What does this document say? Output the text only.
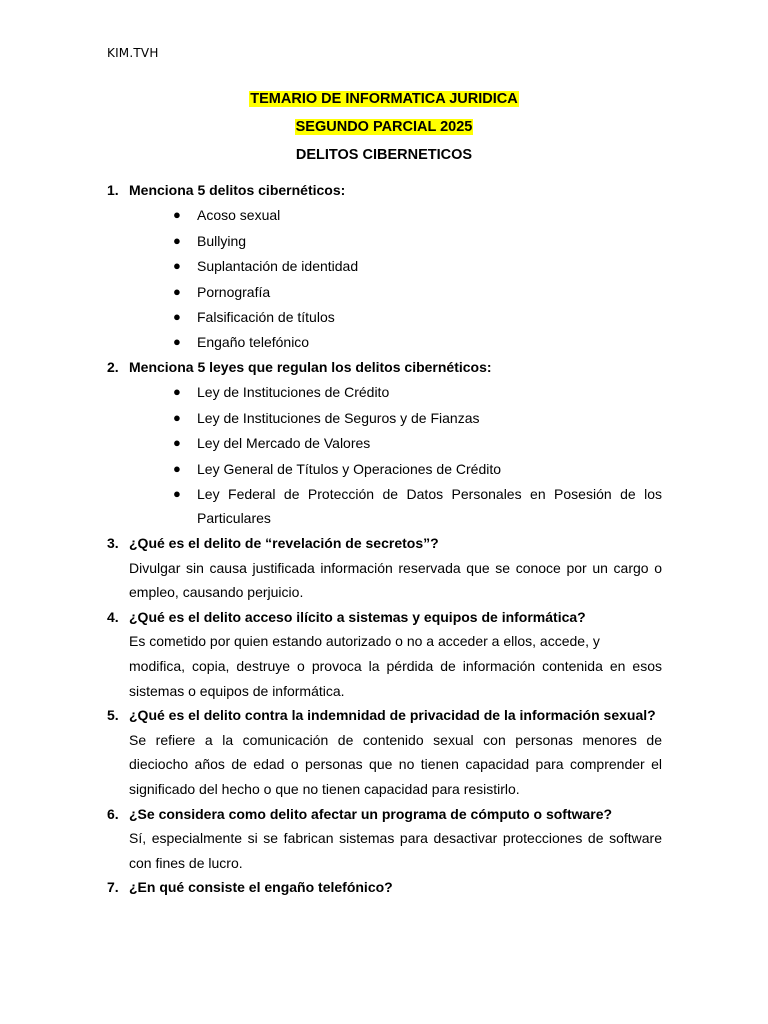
KIM.TVH
TEMARIO DE INFORMATICA JURIDICA
SEGUNDO PARCIAL 2025
DELITOS CIBERNETICOS
1. Menciona 5 delitos cibernéticos:
●	Acoso sexual
●	Bullying
●	Suplantación de identidad
●	Pornografía
●	Falsificación de títulos
●	Engaño telefónico
2. Menciona 5 leyes que regulan los delitos cibernéticos:
●	Ley de Instituciones de Crédito
●	Ley de Instituciones de Seguros y de Fianzas
●	Ley del Mercado de Valores
●	Ley General de Títulos y Operaciones de Crédito
●	Ley Federal de Protección de Datos Personales en Posesión de los Particulares
3. ¿Qué es el delito de “revelación de secretos”?
Divulgar sin causa justificada información reservada que se conoce por un cargo o empleo, causando perjuicio.
4. ¿Qué es el delito acceso ilícito a sistemas y equipos de informática?
Es cometido por quien estando autorizado o no a acceder a ellos, accede, y
modifica, copia, destruye o provoca la pérdida de información contenida en esos sistemas o equipos de informática.
5. ¿Qué es el delito contra la indemnidad de privacidad de la información sexual?
Se refiere a la comunicación de contenido sexual con personas menores de dieciocho años de edad o personas que no tienen capacidad para comprender el significado del hecho o que no tienen capacidad para resistirlo.
6. ¿Se considera como delito afectar un programa de cómputo o software?
Sí, especialmente si se fabrican sistemas para desactivar protecciones de software con fines de lucro.
7. ¿En qué consiste el engaño telefónico?
